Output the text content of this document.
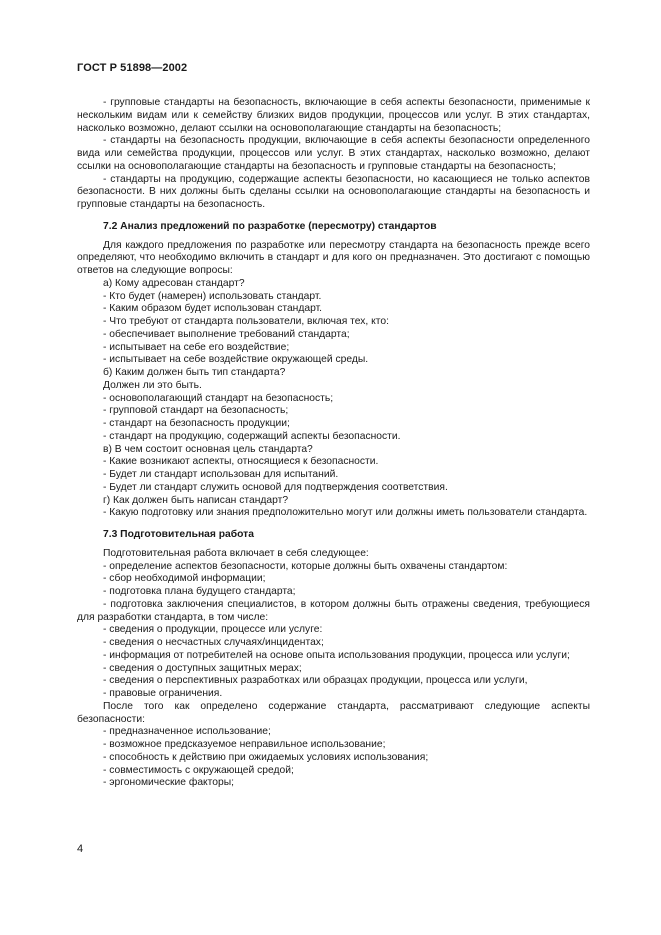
ГОСТ Р 51898—2002

- групповые стандарты на безопасность, включающие в себя аспекты безопасности, применимые к нескольким видам или к семейству близких видов продукции, процессов или услуг. В этих стандартах, насколько возможно, делают ссылки на основополагающие стандарты на безопасность;

- стандарты на безопасность продукции, включающие в себя аспекты безопасности определенного вида или семейства продукции, процессов или услуг. В этих стандартах, насколько возможно, делают ссылки на основополагающие стандарты на безопасность и групповые стандарты на безопасность;

- стандарты на продукцию, содержащие аспекты безопасности, но касающиеся не только аспектов безопасности. В них должны быть сделаны ссылки на основополагающие стандарты на безопасность и групповые стандарты на безопасность.

7.2 Анализ предложений по разработке (пересмотру) стандартов

Для каждого предложения по разработке или пересмотру стандарта на безопасность прежде всего определяют, что необходимо включить в стандарт и для кого он предназначен. Это достигают с помощью ответов на следующие вопросы:

а) Кому адресован стандарт?

- Кто будет (намерен) использовать стандарт.

- Каким образом будет использован стандарт.

- Что требуют от стандарта пользователи, включая тех, кто:

- обеспечивает выполнение требований стандарта;

- испытывает на себе его воздействие;

- испытывает на себе воздействие окружающей среды.

б) Каким должен быть тип стандарта?

Должен ли это быть.

- основополагающий стандарт на безопасность;

- групповой стандарт на безопасность;

- стандарт на безопасность продукции;

- стандарт на продукцию, содержащий аспекты безопасности.

в) В чем состоит основная цель стандарта?

- Какие возникают аспекты, относящиеся к безопасности.

- Будет ли стандарт использован для испытаний.

- Будет ли стандарт служить основой для подтверждения соответствия.

г) Как должен быть написан стандарт?

- Какую подготовку или знания предположительно могут или должны иметь пользователи стандарта.

7.3 Подготовительная работа

Подготовительная работа включает в себя следующее:

- определение аспектов безопасности, которые должны быть охвачены стандартом:

- сбор необходимой информации;

- подготовка плана будущего стандарта;

- подготовка заключения специалистов, в котором должны быть отражены сведения, требующиеся для разработки стандарта, в том числе:

- сведения о продукции, процессе или услуге:

- сведения о несчастных случаях/инцидентах;

- информация от потребителей на основе опыта использования продукции, процесса или услуги;

- сведения о доступных защитных мерах;

- сведения о перспективных разработках или образцах продукции, процесса или услуги,

- правовые ограничения.

После того как определено содержание стандарта, рассматривают следующие аспекты безопасности:

- предназначенное использование;

- возможное предсказуемое неправильное использование;

- способность к действию при ожидаемых условиях использования;

- совместимость с окружающей средой;

- эргономические факторы;

4
